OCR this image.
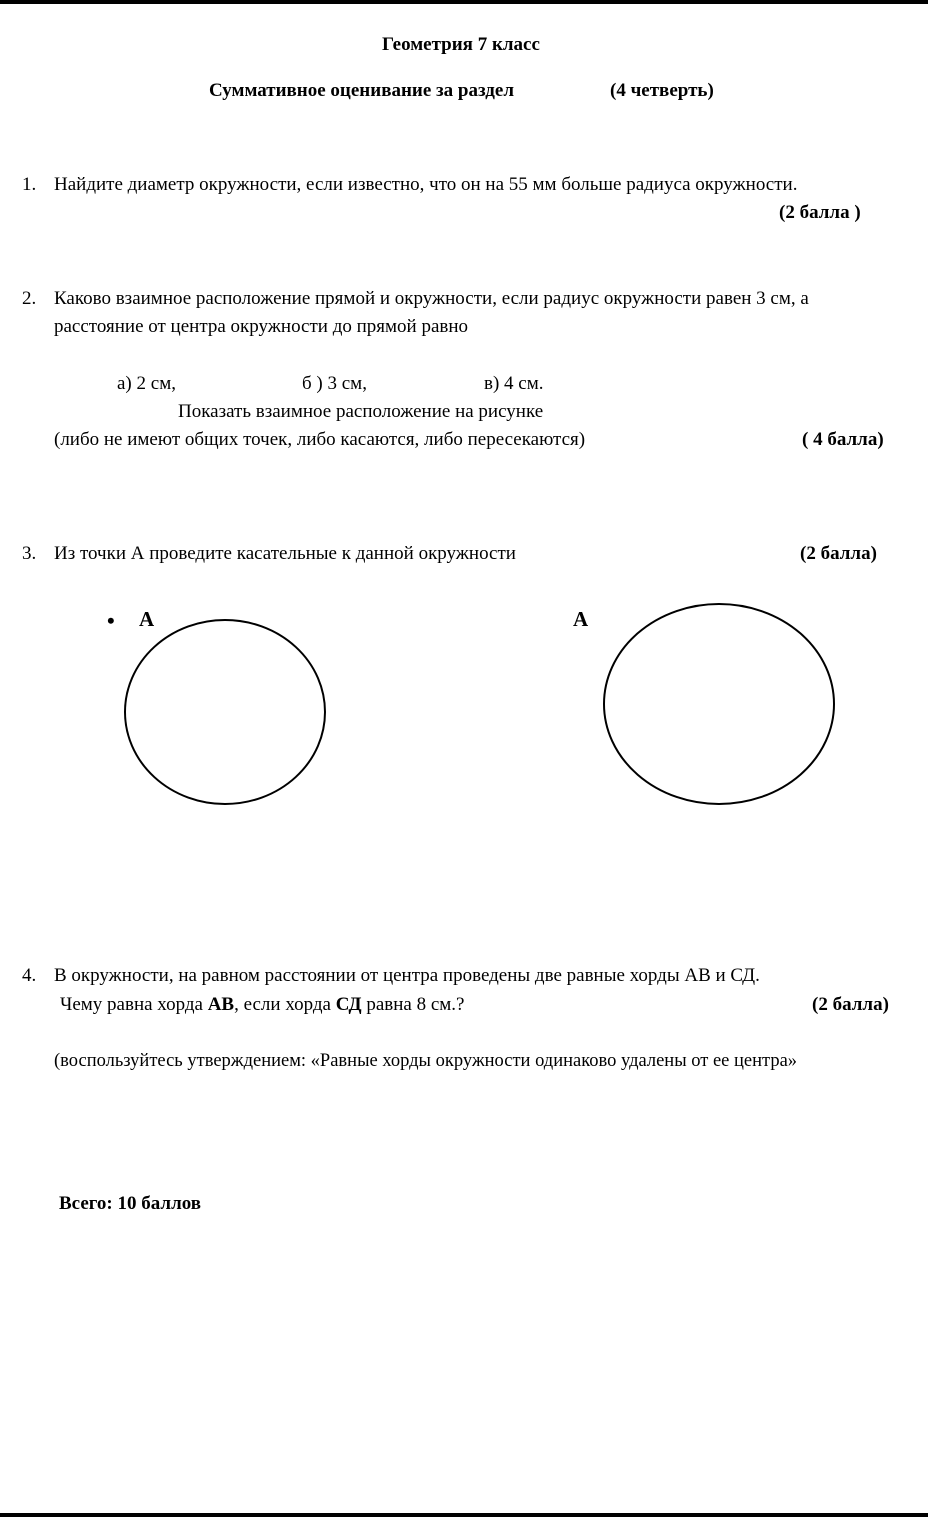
Геометрия 7 класс
Суммативное оценивание за раздел	(4 четверть)
1. Найдите диаметр окружности, если известно, что он на 55 мм больше радиуса окружности.
(2 балла )
2. Каково взаимное расположение прямой и окружности, если радиус окружности равен 3 см, а
расстояние от центра окружности до прямой равно
а) 2 см,	б ) 3 см,	в) 4 см.
Показать взаимное расположение на рисунке
(либо не имеют общих точек, либо касаются, либо пересекаются)	( 4 балла)
3. Из точки А проведите касательные к данной окружности	(2 балла)
• А	А
4. В окружности, на равном расстоянии от центра проведены две равные хорды АВ и СД.
Чему равна хорда АВ, если хорда СД равна 8 см.?	(2 балла)
(воспользуйтесь утверждением: «Равные хорды окружности одинаково удалены от ее центра»
Всего: 10 баллов
